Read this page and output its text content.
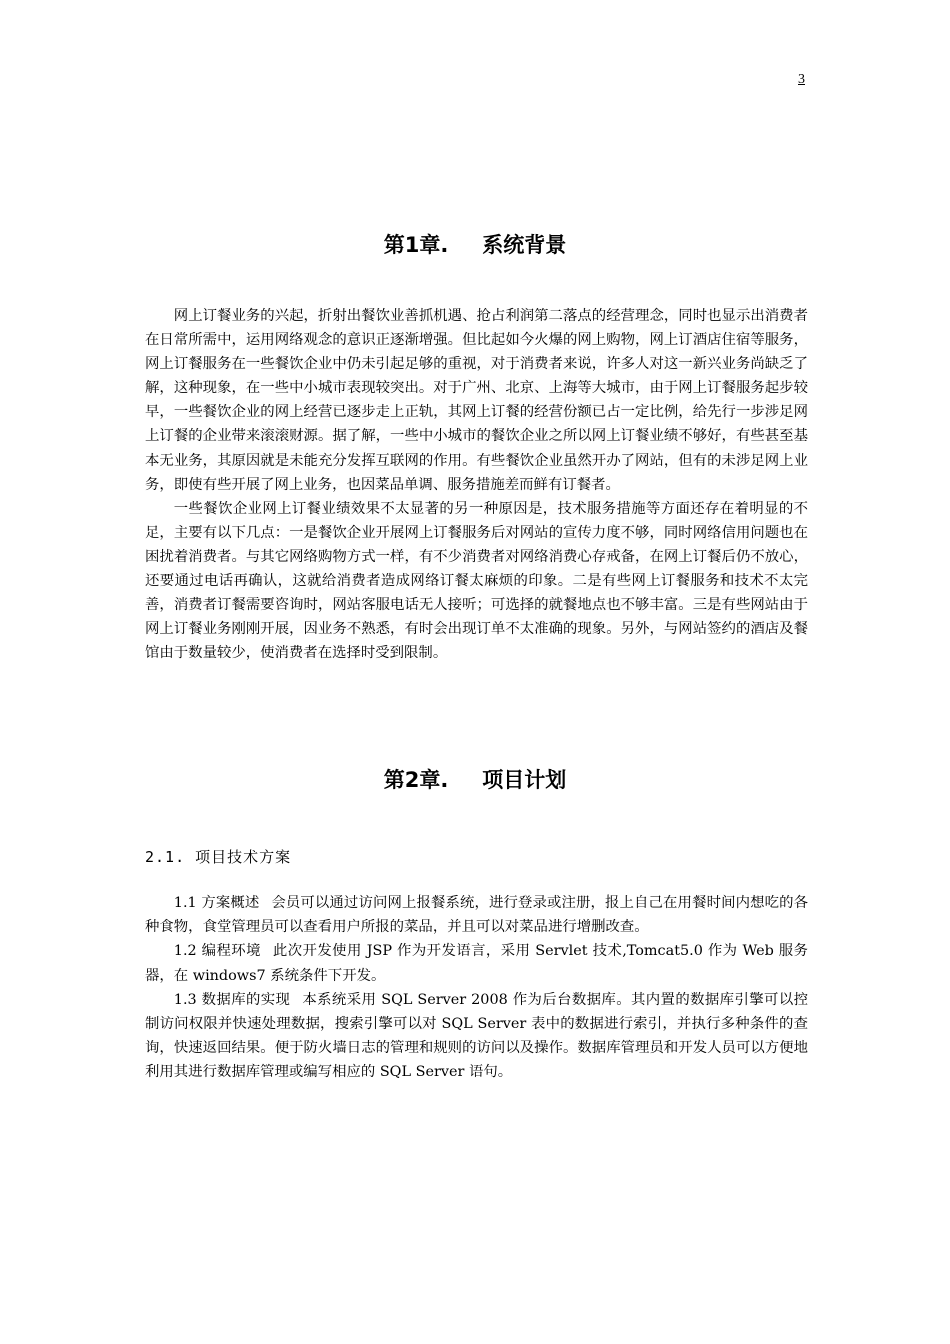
3
第1章. 系统背景

网上订餐业务的兴起，折射出餐饮业善抓机遇、抢占利润第二落点的经营理念，同时也显示出消费者在日常所需中，运用网络观念的意识正逐渐增强。但比起如今火爆的网上购物，网上订酒店住宿等服务，网上订餐服务在一些餐饮企业中仍未引起足够的重视，对于消费者来说，许多人对这一新兴业务尚缺乏了解，这种现象，在一些中小城市表现较突出。对于广州、北京、上海等大城市，由于网上订餐服务起步较早，一些餐饮企业的网上经营已逐步走上正轨，其网上订餐的经营份额已占一定比例，给先行一步涉足网上订餐的企业带来滚滚财源。据了解，一些中小城市的餐饮企业之所以网上订餐业绩不够好，有些甚至基本无业务，其原因就是未能充分发挥互联网的作用。有些餐饮企业虽然开办了网站，但有的未涉足网上业务，即使有些开展了网上业务，也因菜品单调、服务措施差而鲜有订餐者。

一些餐饮企业网上订餐业绩效果不太显著的另一种原因是，技术服务措施等方面还存在着明显的不足，主要有以下几点：一是餐饮企业开展网上订餐服务后对网站的宣传力度不够，同时网络信用问题也在困扰着消费者。与其它网络购物方式一样，有不少消费者对网络消费心存戒备，在网上订餐后仍不放心，还要通过电话再确认，这就给消费者造成网络订餐太麻烦的印象。二是有些网上订餐服务和技术不太完善，消费者订餐需要咨询时，网站客服电话无人接听；可选择的就餐地点也不够丰富。三是有些网站由于网上订餐业务刚刚开展，因业务不熟悉，有时会出现订单不太准确的现象。另外，与网站签约的酒店及餐馆由于数量较少，使消费者在选择时受到限制。

第2章. 项目计划
2.1. 项目技术方案

1.1 方案概述 会员可以通过访问网上报餐系统，进行登录或注册，报上自己在用餐时间内想吃的各种食物，食堂管理员可以查看用户所报的菜品，并且可以对菜品进行增删改查。

1.2 编程环境 此次开发使用 JSP 作为开发语言，采用 Servlet 技术,Tomcat5.0 作为 Web 服务器，在 windows7 系统条件下开发。

1.3 数据库的实现 本系统采用 SQL Server 2008 作为后台数据库。其内置的数据库引擎可以控制访问权限并快速处理数据，搜索引擎可以对 SQL Server 表中的数据进行索引，并执行多种条件的查询，快速返回结果。便于防火墙日志的管理和规则的访问以及操作。数据库管理员和开发人员可以方便地利用其进行数据库管理或编写相应的 SQL Server 语句。
